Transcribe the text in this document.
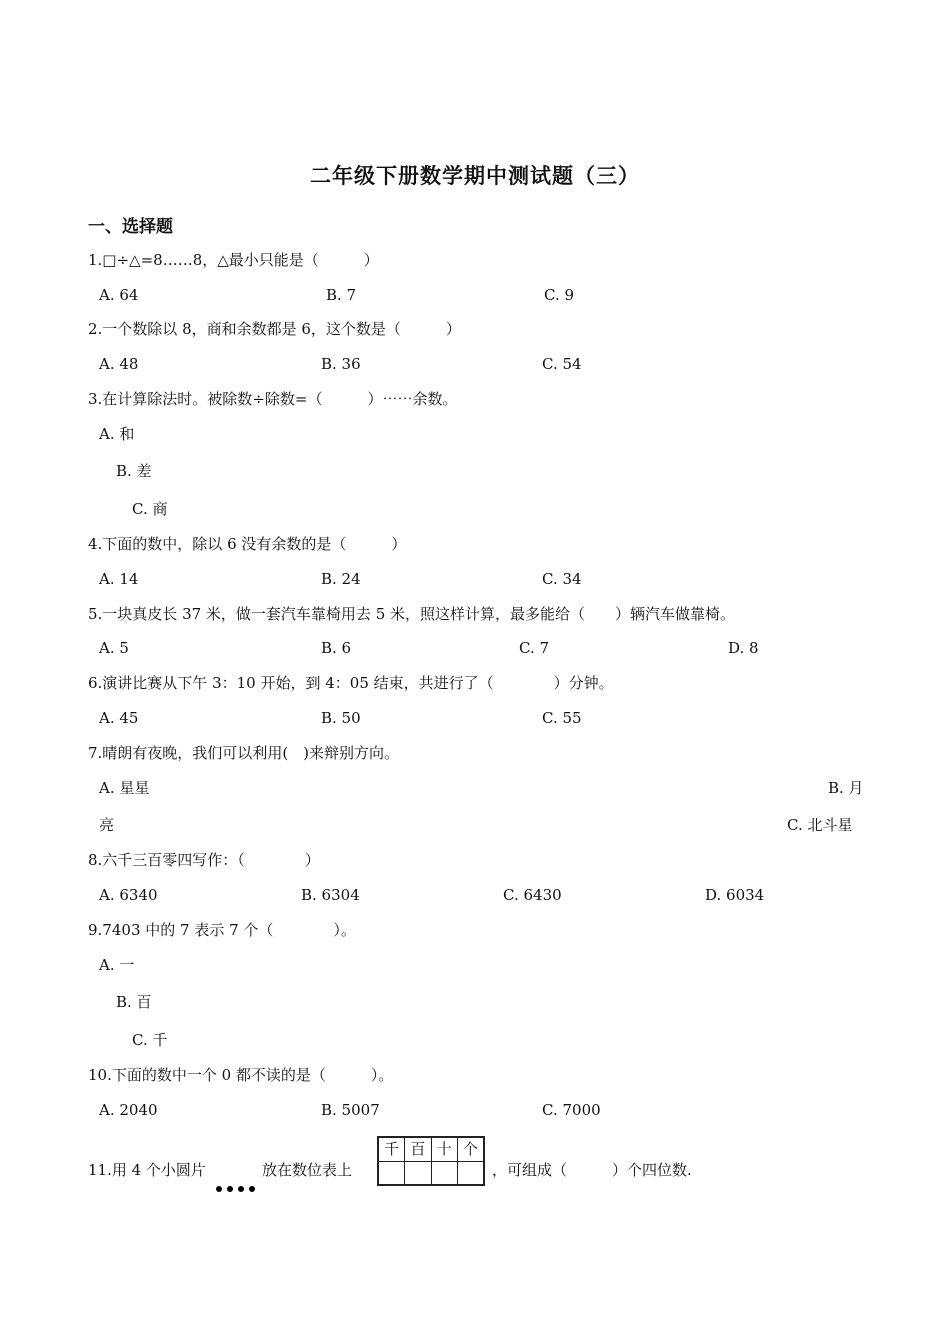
二年级下册数学期中测试题（三）
一、选择题
1.□÷△=8……8，△最小只能是（　　　）
A. 64	B. 7	C. 9
2.一个数除以 8，商和余数都是 6，这个数是（　　　）
A. 48	B. 36	C. 54
3.在计算除法时。被除数÷除数=（　　　）⋯⋯余数。
A. 和
B. 差
C. 商
4.下面的数中，除以 6 没有余数的是（　　　）
A. 14	B. 24	C. 34
5.一块真皮长 37 米，做一套汽车靠椅用去 5 米，照这样计算，最多能给（　　）辆汽车做靠椅。
A. 5	B. 6	C. 7	D. 8
6.演讲比赛从下午 3：10 开始，到 4：05 结束，共进行了（　　　　）分钟。
A. 45	B. 50	C. 55
7.晴朗有夜晚，我们可以利用(　)来辩别方向。
A. 星星	B. 月
亮	C. 北斗星
8.六千三百零四写作：（　　　　）
A. 6340	B. 6304	C. 6430	D. 6034
9.7403 中的 7 表示 7 个（　　　　）。
A. 一
B. 百
C. 千
10.下面的数中一个 0 都不读的是（　　　）。
A. 2040	B. 5007	C. 7000
11.用 4 个小圆片	放在数位表上
千 百 十 个
，可组成（　　　）个四位数.
